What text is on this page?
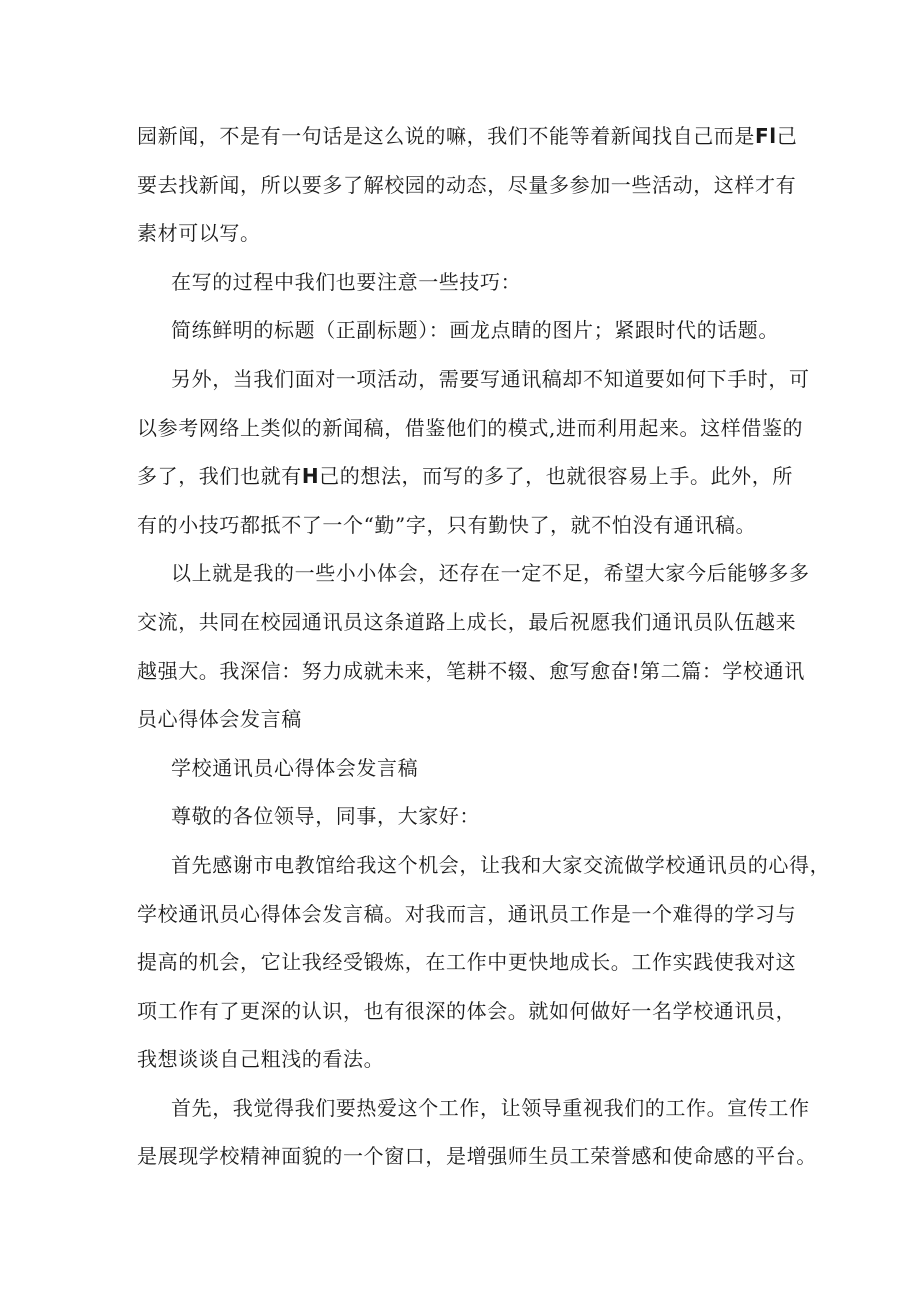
园新闻，不是有一句话是这么说的嘛，我们不能等着新闻找自己而是Fl己
要去找新闻，所以要多了解校园的动态，尽量多参加一些活动，这样才有
素材可以写。
在写的过程中我们也要注意一些技巧：
简练鲜明的标题（正副标题）：画龙点睛的图片；紧跟时代的话题。
另外，当我们面对一项活动，需要写通讯稿却不知道要如何下手时，可
以参考网络上类似的新闻稿，借鉴他们的模式,进而利用起来。这样借鉴的
多了，我们也就有H己的想法，而写的多了，也就很容易上手。此外，所
有的小技巧都抵不了一个“勤”字，只有勤快了，就不怕没有通讯稿。
以上就是我的一些小小体会，还存在一定不足，希望大家今后能够多多
交流，共同在校园通讯员这条道路上成长，最后祝愿我们通讯员队伍越来
越强大。我深信：努力成就未来，笔耕不辍、愈写愈奋!第二篇：学校通讯
员心得体会发言稿
学校通讯员心得体会发言稿
尊敬的各位领导，同事，大家好：
首先感谢市电教馆给我这个机会，让我和大家交流做学校通讯员的心得，
学校通讯员心得体会发言稿。对我而言，通讯员工作是一个难得的学习与
提高的机会，它让我经受锻炼，在工作中更快地成长。工作实践使我对这
项工作有了更深的认识，也有很深的体会。就如何做好一名学校通讯员，
我想谈谈自己粗浅的看法。
首先，我觉得我们要热爱这个工作，让领导重视我们的工作。宣传工作
是展现学校精神面貌的一个窗口，是增强师生员工荣誉感和使命感的平台。
